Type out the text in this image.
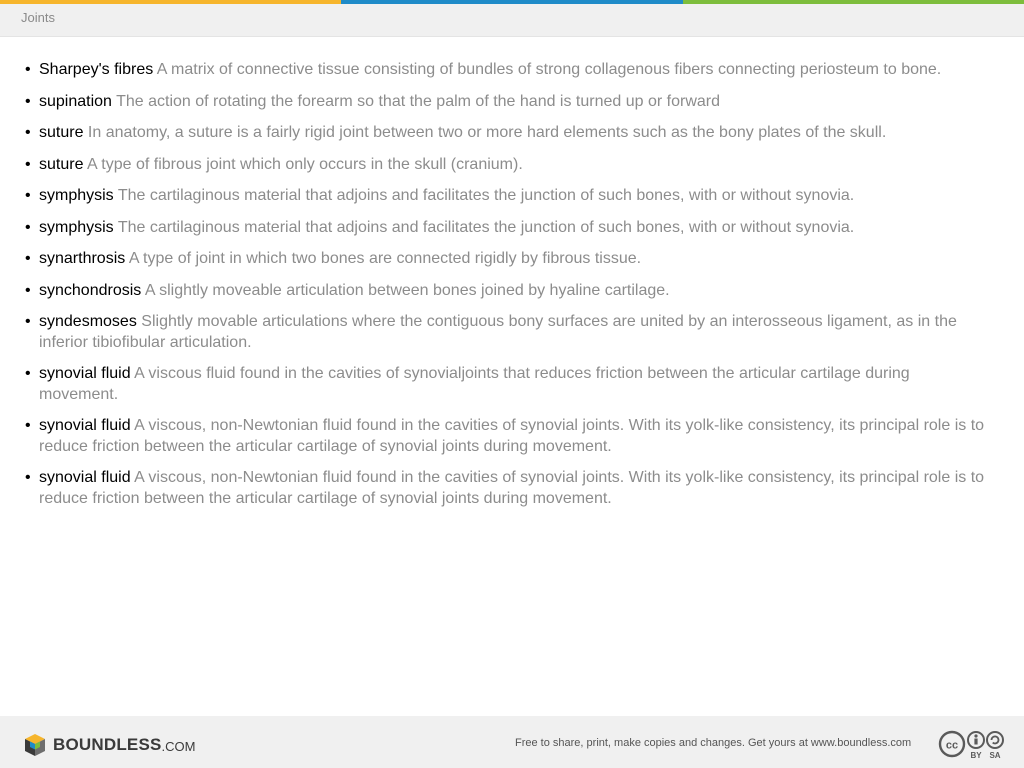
Joints
• Sharpey's fibres A matrix of connective tissue consisting of bundles of strong collagenous fibers connecting periosteum to bone.
• supination The action of rotating the forearm so that the palm of the hand is turned up or forward
• suture In anatomy, a suture is a fairly rigid joint between two or more hard elements such as the bony plates of the skull.
• suture A type of fibrous joint which only occurs in the skull (cranium).
• symphysis The cartilaginous material that adjoins and facilitates the junction of such bones, with or without synovia.
• symphysis The cartilaginous material that adjoins and facilitates the junction of such bones, with or without synovia.
• synarthrosis A type of joint in which two bones are connected rigidly by fibrous tissue.
• synchondrosis A slightly moveable articulation between bones joined by hyaline cartilage.
• syndesmoses Slightly movable articulations where the contiguous bony surfaces are united by an interosseous ligament, as in the inferior tibiofibular articulation.
• synovial fluid A viscous fluid found in the cavities of synovialjoints that reduces friction between the articular cartilage during movement.
• synovial fluid A viscous, non-Newtonian fluid found in the cavities of synovial joints. With its yolk-like consistency, its principal role is to reduce friction between the articular cartilage of synovial joints during movement.
• synovial fluid A viscous, non-Newtonian fluid found in the cavities of synovial joints. With its yolk-like consistency, its principal role is to reduce friction between the articular cartilage of synovial joints during movement.
BOUNDLESS .COM	Free to share, print, make copies and changes. Get yours at www.boundless.com	cc
BY SA
